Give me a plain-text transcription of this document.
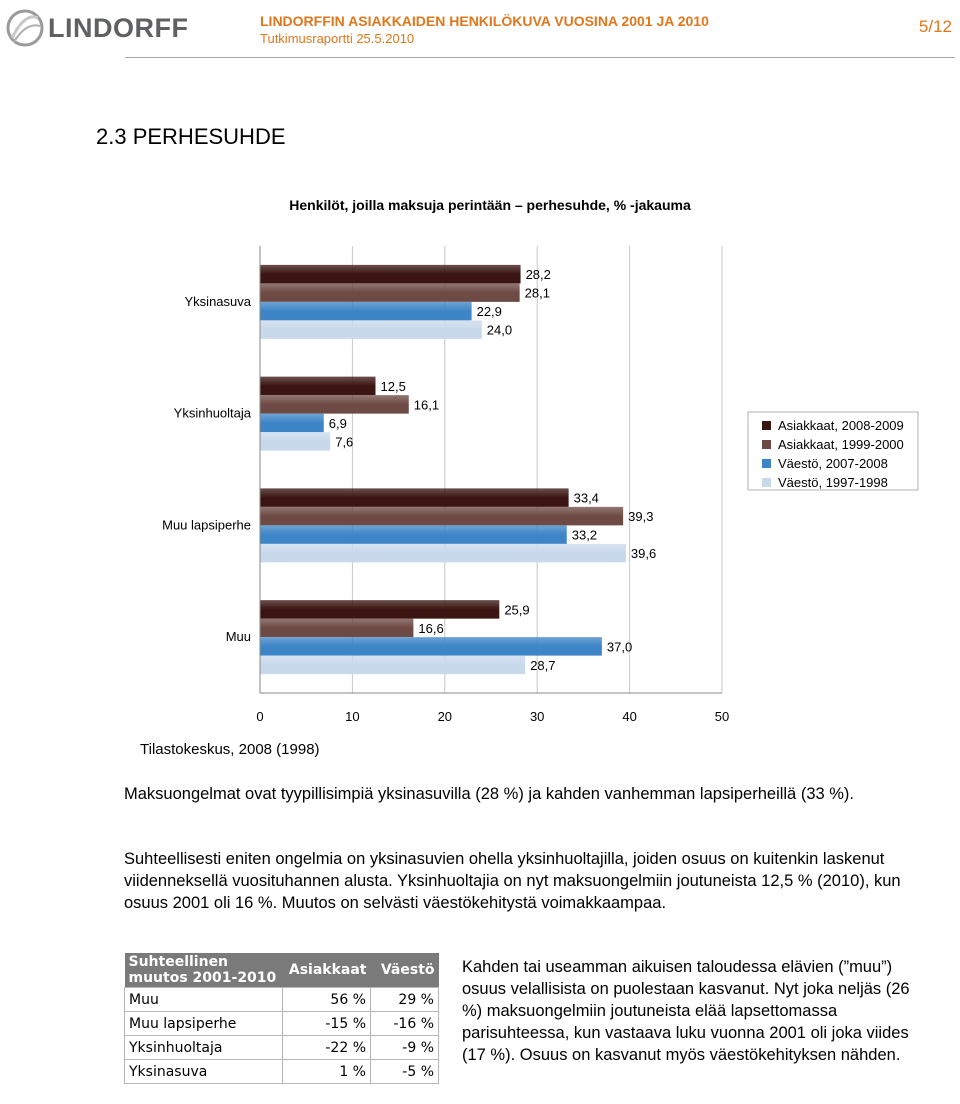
LINDORFF	LINDORFFIN ASIAKKAIDEN HENKILÖKUVA VUOSINA 2001 JA 2010
Tutkimusraportti 25.5.2010
5/12
2.3 PERHESUHDE
Henkilöt, joilla maksuja perintään – perhesuhde, % -jakauma
28,2
28,1
22,9
24,0
12,5
16,1
6,9
7,6
33,4
39,3
33,2
39,6
25,9
16,6
37,0
28,7
0	10	20	30	40	50
Yksinasuva
Yksinhuoltaja
Muu lapsiperhe
Muu
Asiakkaat, 2008-2009
Asiakkaat, 1999-2000
Väestö, 2007-2008
Väestö, 1997-1998
Tilastokeskus, 2008 (1998)
Maksuongelmat ovat tyypillisimpiä yksinasuvilla (28 %) ja kahden vanhemman lapsiperheillä (33 %).
Suhteellisesti eniten ongelmia on yksinasuvien ohella yksinhuoltajilla, joiden osuus on kuitenkin laskenut viidenneksellä vuosituhannen alusta. Yksinhuoltajia on nyt maksuongelmiin joutuneista 12,5 % (2010), kun osuus 2001 oli 16 %. Muutos on selvästi väestökehitystä voimakkaampaa.
Suhteellinen muutos 2001-2010	Asiakkaat	Väestö
Muu	56 %	29 %
Muu lapsiperhe	-15 %	-16 %
Yksinhuoltaja	-22 %	-9 %
Yksinasuva	1 %	-5 %
Kahden tai useamman aikuisen taloudessa elävien (”muu”) osuus velallisista on puolestaan kasvanut. Nyt joka neljäs (26 %) maksuongelmiin joutuneista elää lapsettomassa parisuhteessa, kun vastaava luku vuonna 2001 oli joka viides (17 %). Osuus on kasvanut myös väestökehityksen nähden.
